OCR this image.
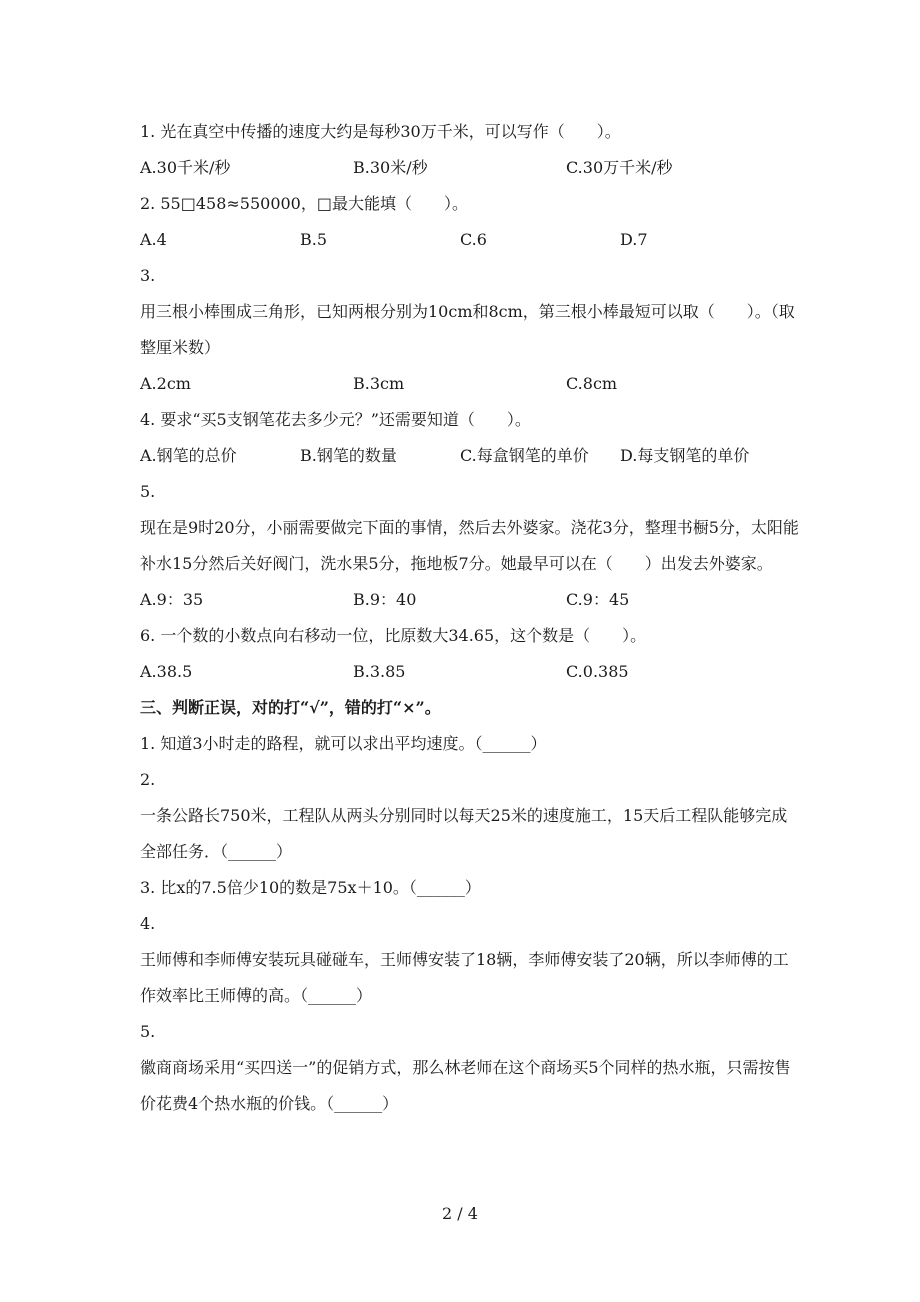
1. 光在真空中传播的速度大约是每秒30万千米，可以写作（　　）。
A.30千米/秒	B.30米/秒	C.30万千米/秒
2. 55□458≈550000，□最大能填（　　）。
A.4	B.5	C.6	D.7
3.
用三根小棒围成三角形，已知两根分别为10cm和8cm，第三根小棒最短可以取（　　）。（取整厘米数）
A.2cm	B.3cm	C.8cm
4. 要求“买5支钢笔花去多少元？”还需要知道（　　）。
A.钢笔的总价	B.钢笔的数量	C.每盒钢笔的单价	D.每支钢笔的单价
5.
现在是9时20分，小丽需要做完下面的事情，然后去外婆家。浇花3分，整理书橱5分，太阳能补水15分然后关好阀门，洗水果5分，拖地板7分。她最早可以在（　　）出发去外婆家。
A.9：35	B.9：40	C.9：45
6. 一个数的小数点向右移动一位，比原数大34.65，这个数是（　　）。
A.38.5	B.3.85	C.0.385
三、判断正误，对的打“√”，错的打“×”。
1. 知道3小时走的路程，就可以求出平均速度。（______）
2.
一条公路长750米，工程队从两头分别同时以每天25米的速度施工，15天后工程队能够完成全部任务．（______）
3. 比x的7.5倍少10的数是75x＋10。（______）
4.
王师傅和李师傅安装玩具碰碰车，王师傅安装了18辆，李师傅安装了20辆，所以李师傅的工作效率比王师傅的高。（______）
5.
徽商商场采用“买四送一”的促销方式，那么林老师在这个商场买5个同样的热水瓶，只需按售价花费4个热水瓶的价钱。（______）
2 / 4
